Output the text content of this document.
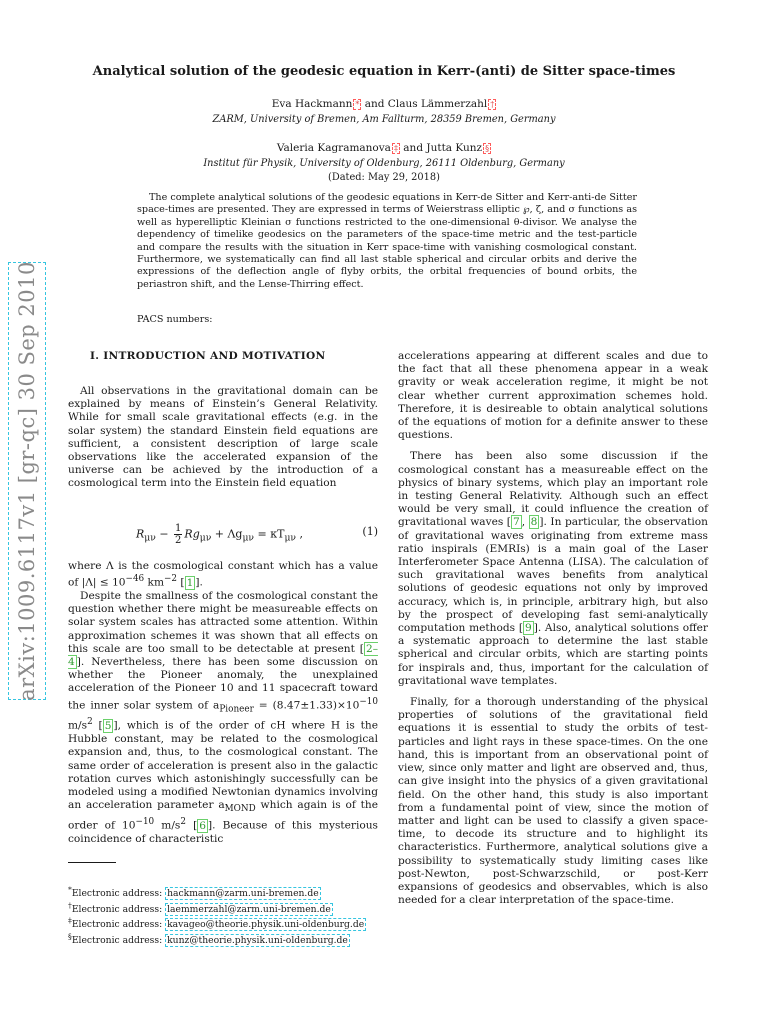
arXiv:1009.6117v1 [gr-qc] 30 Sep 2010
Analytical solution of the geodesic equation in Kerr-(anti) de Sitter space-times
Eva Hackmann * and Claus Lämmerzahl †
ZARM, University of Bremen, Am Fallturm, 28359 Bremen, Germany
Valeria Kagramanova ‡ and Jutta Kunz §
Institut für Physik, University of Oldenburg, 26111 Oldenburg, Germany
(Dated: May 29, 2018)
The complete analytical solutions of the geodesic equations in Kerr-de Sitter and Kerr-anti-de Sitter space-times are presented. They are expressed in terms of Weierstrass elliptic ℘, ζ, and σ functions as well as hyperelliptic Kleinian σ functions restricted to the one-dimensional θ-divisor. We analyse the dependency of timelike geodesics on the parameters of the space-time metric and the test-particle and compare the results with the situation in Kerr space-time with vanishing cosmological constant. Furthermore, we systematically can find all last stable spherical and circular orbits and derive the expressions of the deflection angle of flyby orbits, the orbital frequencies of bound orbits, the periastron shift, and the Lense-Thirring effect.
PACS numbers:
I. INTRODUCTION AND MOTIVATION

All observations in the gravitational domain can be explained by means of Einstein’s General Relativity. While for small scale gravitational effects (e.g. in the solar system) the standard Einstein field equations are sufficient, a consistent description of large scale observations like the accelerated expansion of the universe can be achieved by the introduction of a cosmological term into the Einstein field equation

$R_{\mu\nu} - \frac{1}{2} Rg_{\mu\nu} + \Lambda g_{\mu\nu} = \kappa T_{\mu\nu}$ ,	(1)

where Λ is the cosmological constant which has a value of $|\Lambda| \le 10^{-46}$ $km^{-2}$ [ 1 ].

Despite the smallness of the cosmological constant the question whether there might be measureable effects on solar system scales has attracted some attention. Within approximation schemes it was shown that all effects on this scale are too small to be detectable at present [ 2–4 ]. Nevertheless, there has been some discussion on whether the Pioneer anomaly, the unexplained acceleration of the Pioneer 10 and 11 spacecraft toward the inner solar system of $a_{Pioneer} = (8.47\pm 1.33)\times 10^{-10}$ $m/s^2$ [ 5 ], which is of the order of cH where H is the Hubble constant, may be related to the cosmological expansion and, thus, to the cosmological constant. The same order of acceleration is present also in the galactic rotation curves which astonishingly successfully can be modeled using a modified Newtonian dynamics involving an acceleration parameter $a_{MOND}$ which again is of the order of $10^{-10}$ $m/s^2$ [ 6 ]. Because of this mysterious coincidence of characteristic

*Electronic address: hackmann@zarm.uni-bremen.de
†Electronic address: laemmerzahl@zarm.uni-bremen.de
‡Electronic address: kavageo@theorie.physik.uni-oldenburg.de
§Electronic address: kunz@theorie.physik.uni-oldenburg.de

accelerations appearing at different scales and due to the fact that all these phenomena appear in a weak gravity or weak acceleration regime, it might be not clear whether current approximation schemes hold. Therefore, it is desireable to obtain analytical solutions of the equations of motion for a definite answer to these questions.

There has been also some discussion if the cosmological constant has a measureable effect on the physics of binary systems, which play an important role in testing General Relativity. Although such an effect would be very small, it could influence the creation of gravitational waves [ 7 , 8 ]. In particular, the observation of gravitational waves originating from extreme mass ratio inspirals (EMRIs) is a main goal of the Laser Interferometer Space Antenna (LISA). The calculation of such gravitational waves benefits from analytical solutions of geodesic equations not only by improved accuracy, which is, in principle, arbitrary high, but also by the prospect of developing fast semi-analytically computation methods [ 9 ]. Also, analytical solutions offer a systematic approach to determine the last stable spherical and circular orbits, which are starting points for inspirals and, thus, important for the calculation of gravitational wave templates.

Finally, for a thorough understanding of the physical properties of solutions of the gravitational field equations it is essential to study the orbits of test-particles and light rays in these space-times. On the one hand, this is important from an observational point of view, since only matter and light are observed and, thus, can give insight into the physics of a given gravitational field. On the other hand, this study is also important from a fundamental point of view, since the motion of matter and light can be used to classify a given space-time, to decode its structure and to highlight its characteristics. Furthermore, analytical solutions give a possibility to systematically study limiting cases like post-Newton, post-Schwarzschild, or post-Kerr expansions of geodesics and observables, which is also needed for a clear interpretation of the space-time.
